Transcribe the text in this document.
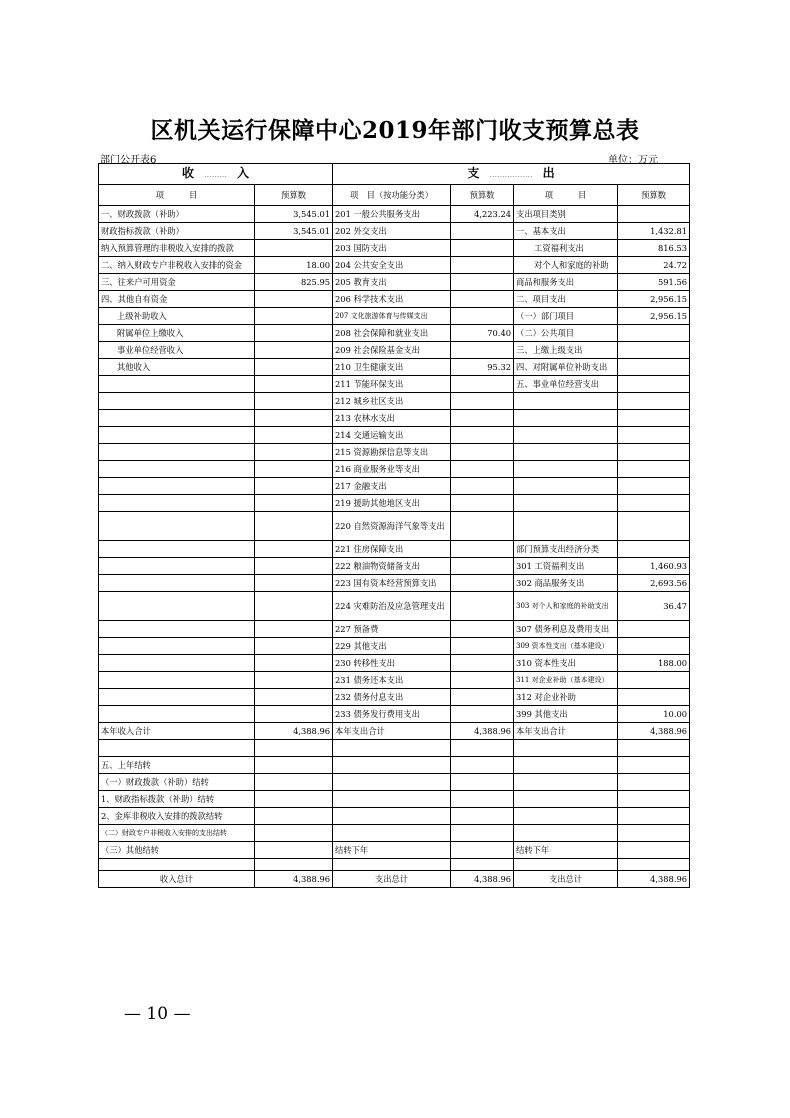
区机关运行保障中心2019年部门收支预算总表
部门公开表6	单位：万元
收 ......... 入		支 ................. 出			
项　　　目	预算数	项　目（按功能分类）	预算数	项　　　目	预算数
一、财政拨款（补助）	3,545.01	201 一般公共服务支出	4,223.24	支出项目类别	
财政指标拨款（补助）	3,545.01	202 外交支出		一、基本支出	1,432.81
纳入预算管理的非税收入安排的拨款		203 国防支出		工资福利支出	816.53
二、纳入财政专户非税收入安排的资金	18.00	204 公共安全支出		对个人和家庭的补助	24.72
三、往来户可用资金	825.95	205 教育支出		商品和服务支出	591.56
四、其他自有资金		206 科学技术支出		二、项目支出	2,956.15
上级补助收入		207 文化旅游体育与传媒支出		（一）部门项目	2,956.15
附属单位上缴收入		208 社会保障和就业支出	70.40	（二）公共项目	
事业单位经营收入		209 社会保险基金支出		三、上缴上级支出	
其他收入		210 卫生健康支出	95.32	四、对附属单位补助支出	
		211 节能环保支出		五、事业单位经营支出	
		212 城乡社区支出			
		213 农林水支出			
		214 交通运输支出			
		215 资源勘探信息等支出			
		216 商业服务业等支出			
		217 金融支出			
		219 援助其他地区支出			
		220 自然资源海洋气象等支出			
		221 住房保障支出		部门预算支出经济分类	
		222 粮油物资储备支出		301 工资福利支出	1,460.93
		223 国有资本经营预算支出		302 商品服务支出	2,693.56
		224 灾难防治及应急管理支出		303 对个人和家庭的补助支出	36.47
		227 预备费		307 债务利息及费用支出	
		229 其他支出		309 资本性支出（基本建设）	
		230 转移性支出		310 资本性支出	188.00
		231 债务还本支出		311 对企业补助（基本建设）	
		232 债务付息支出		312 对企业补助	
		233 债务发行费用支出		399 其他支出	10.00
本年收入合计	4,388.96	本年支出合计	4,388.96	本年支出合计	4,388.96

五、上年结转					
（一）财政拨款（补助）结转					
1、财政指标拨款（补助）结转					
2、金库非税收入安排的拨款结转					
（二）财政专户非税收入安排的支出结转					
（三）其他结转		结转下年		结转下年	

收入总计	4,388.96	支出总计	4,388.96	支出总计	4,388.96
— 10 —
